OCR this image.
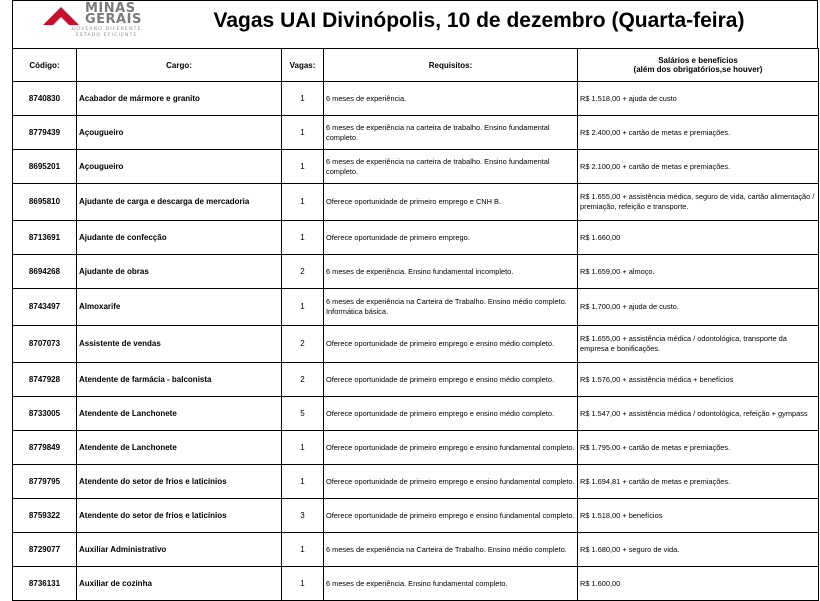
MINAS
GERAIS
GOVERNO DIFERENTE.
ESTADO EFICIENTE.
Vagas UAI Divinópolis, 10 de dezembro (Quarta-feira)
Código:	Cargo:	Vagas:	Requisitos:	Salários e benefícios
(além dos obrigatórios,se houver)

8740830	Acabador de mármore e granito	1	6 meses de experiência.	R$ 1.518,00 + ajuda de custo
8779439	Açougueiro	1	6 meses de experiência na carteira de trabalho. Ensino fundamental completo.	R$ 2.400,00 + cartão de metas e premiações.
8695201	Açougueiro	1	6 meses de experiência na carteira de trabalho. Ensino fundamental completo.	R$ 2.100,00 + cartão de metas e premiações.
8695810	Ajudante de carga e descarga de mercadoria	1	Oferece oportunidade de primeiro emprego e CNH B.	R$ 1.655,00 + assistência médica, seguro de vida, cartão alimentação / premiação, refeição e transporte.
8713691	Ajudante de confecção	1	Oferece oportunidade de primeiro emprego.	R$ 1.660,00
8694268	Ajudante de obras	2	6 meses de experiência. Ensino fundamental incompleto.	R$ 1.659,00 + almoço.
8743497	Almoxarife	1	6 meses de experiência na Carteira de Trabalho. Ensino médio completo. Informática básica.	R$ 1.700,00 + ajuda de custo.
8707073	Assistente de vendas	2	Oferece oportunidade de primeiro emprego e ensino médio completo.	R$ 1.655,00 + assistência médica / odontológica, transporte da empresa e bonificações.
8747928	Atendente de farmácia - balconista	2	Oferece oportunidade de primeiro emprego e ensino médio completo.	R$ 1.576,00 + assistência médica + benefícios
8733005	Atendente de Lanchonete	5	Oferece oportunidade de primeiro emprego e ensino médio completo.	R$ 1.547,00 + assistência médica / odontológica, refeição + gympass
8779849	Atendente de Lanchonete	1	Oferece oportunidade de primeiro emprego e ensino fundamental completo.	R$ 1.795,00 + cartão de metas e premiações.
8779795	Atendente do setor de frios e laticínios	1	Oferece oportunidade de primeiro emprego e ensino fundamental completo.	R$ 1.694,81 + cartão de metas e premiações.
8759322	Atendente do setor de frios e laticínios	3	Oferece oportunidade de primeiro emprego e ensino fundamental completo.	R$ 1.518,00 + benefícios
8729077	Auxiliar Administrativo	1	6 meses de experiência na Carteira de Trabalho. Ensino médio completo.	R$ 1.680,00 + seguro de vida.
8736131	Auxiliar de cozinha	1	6 meses de experiência. Ensino fundamental completo.	R$ 1.600,00
